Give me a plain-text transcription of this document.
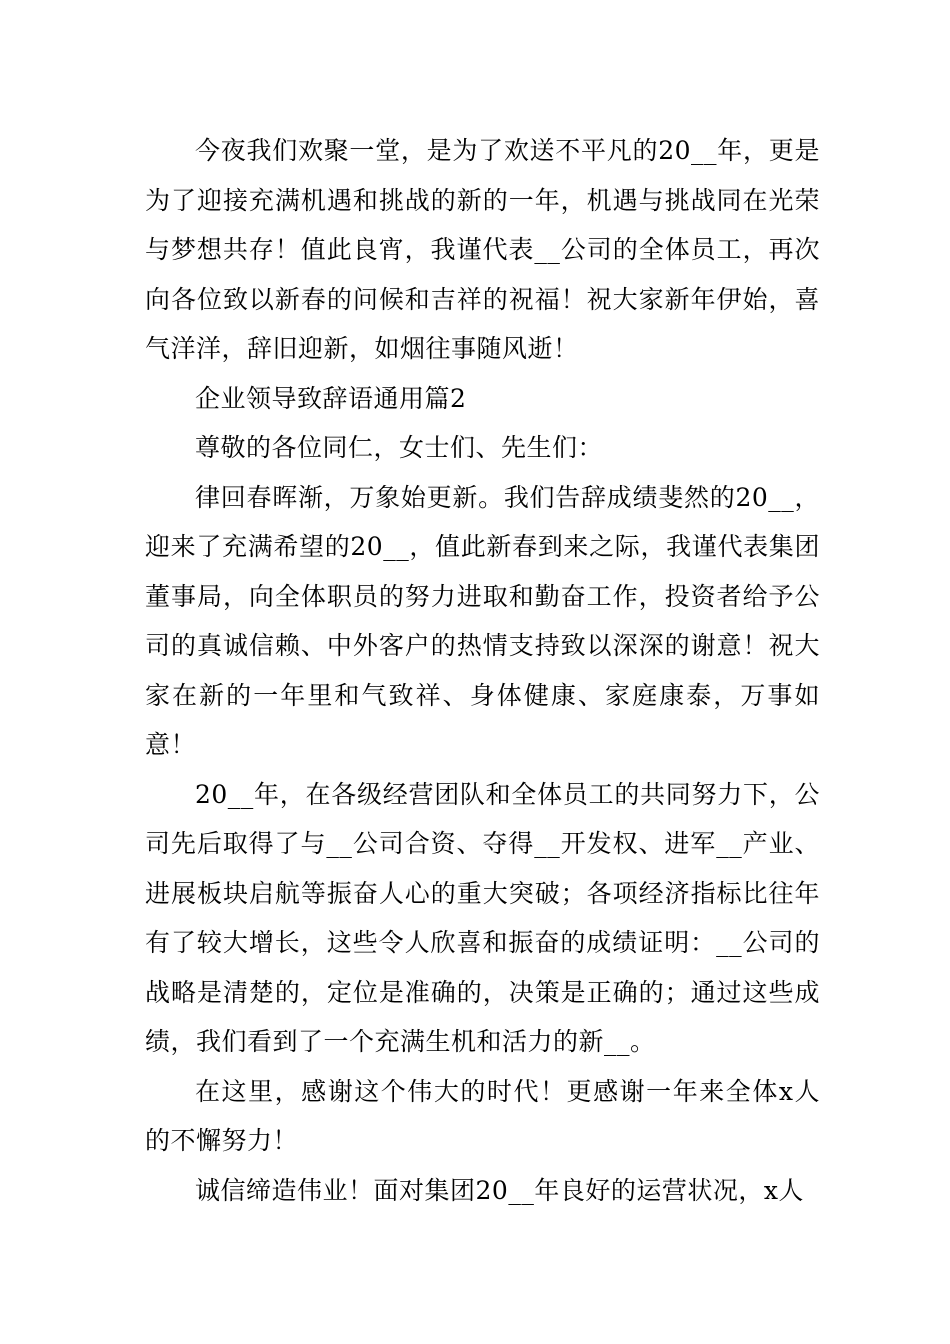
今夜我们欢聚一堂，是为了欢送不平凡的20__年，更是为了迎接充满机遇和挑战的新的一年，机遇与挑战同在光荣与梦想共存！值此良宵，我谨代表__公司的全体员工，再次向各位致以新春的问候和吉祥的祝福！祝大家新年伊始，喜气洋洋，辞旧迎新，如烟往事随风逝！

企业领导致辞语通用篇2

尊敬的各位同仁，女士们、先生们：

律回春晖渐，万象始更新。我们告辞成绩斐然的20__，迎来了充满希望的20__，值此新春到来之际，我谨代表集团董事局，向全体职员的努力进取和勤奋工作，投资者给予公司的真诚信赖、中外客户的热情支持致以深深的谢意！祝大家在新的一年里和气致祥、身体健康、家庭康泰，万事如意！

20__年，在各级经营团队和全体员工的共同努力下，公司先后取得了与__公司合资、夺得__开发权、进军__产业、进展板块启航等振奋人心的重大突破；各项经济指标比往年有了较大增长，这些令人欣喜和振奋的成绩证明：__公司的战略是清楚的，定位是准确的，决策是正确的；通过这些成绩，我们看到了一个充满生机和活力的新__。

在这里，感谢这个伟大的时代！更感谢一年来全体x人的不懈努力！

诚信缔造伟业！面对集团20__年良好的运营状况，x人
